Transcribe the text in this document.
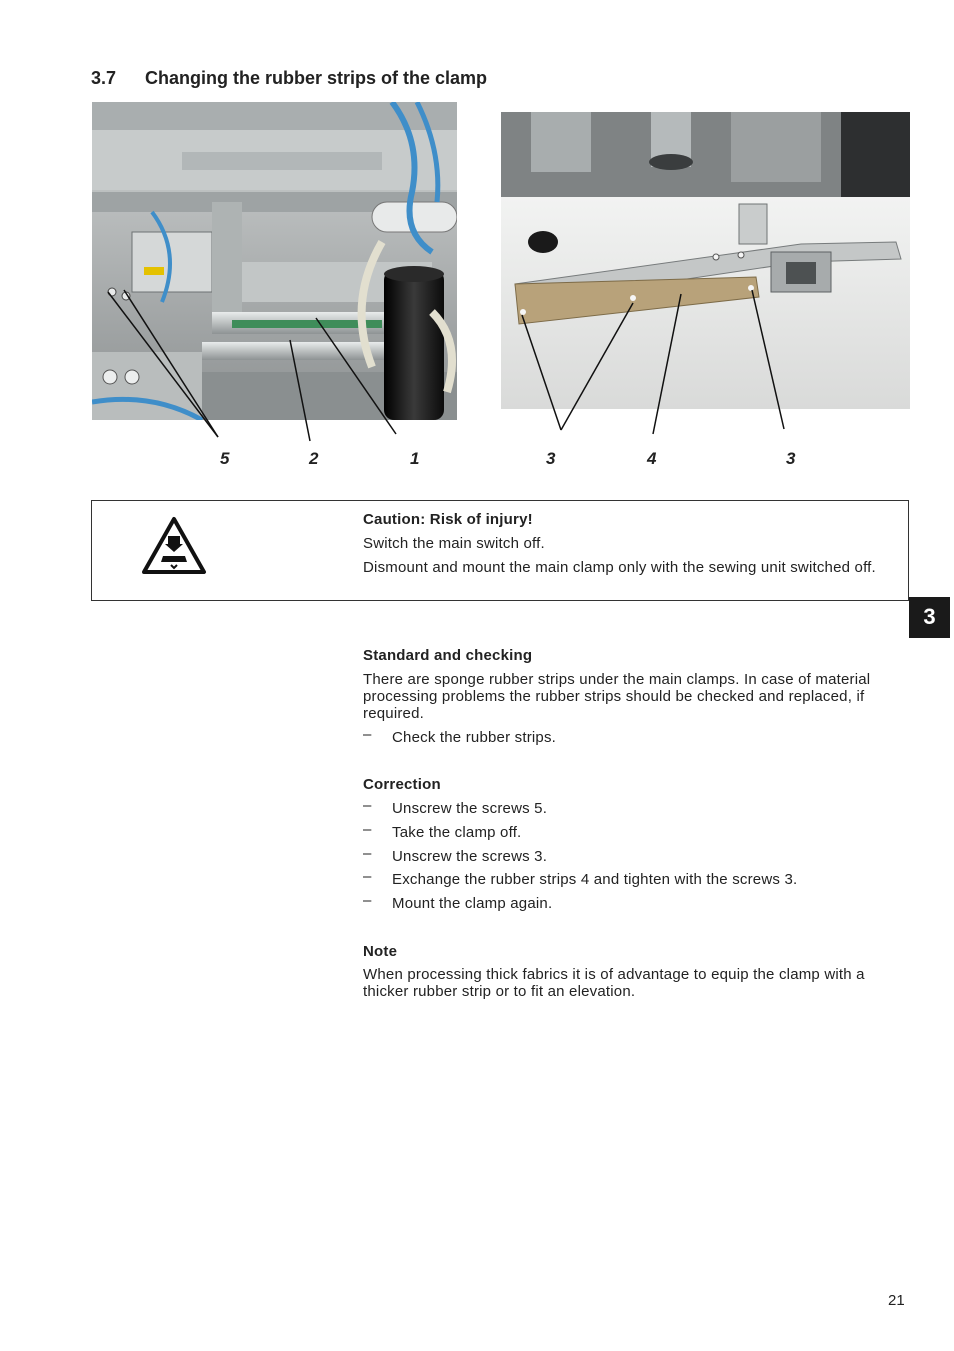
3.7 Changing the rubber strips of the clamp
5	2	1	3	4	3
Caution: Risk of injury!
Switch the main switch off.
Dismount and mount the main clamp only with the sewing unit switched off.
3
Standard and checking
There are sponge rubber strips under the main clamps. In case of material processing problems the rubber strips should be checked and replaced, if required.
– Check the rubber strips.
Correction
– Unscrew the screws 5.
– Take the clamp off.
– Unscrew the screws 3.
– Exchange the rubber strips 4 and tighten with the screws 3.
– Mount the clamp again.
Note
When processing thick fabrics it is of advantage to equip the clamp with a thicker rubber strip or to fit an elevation.
21
